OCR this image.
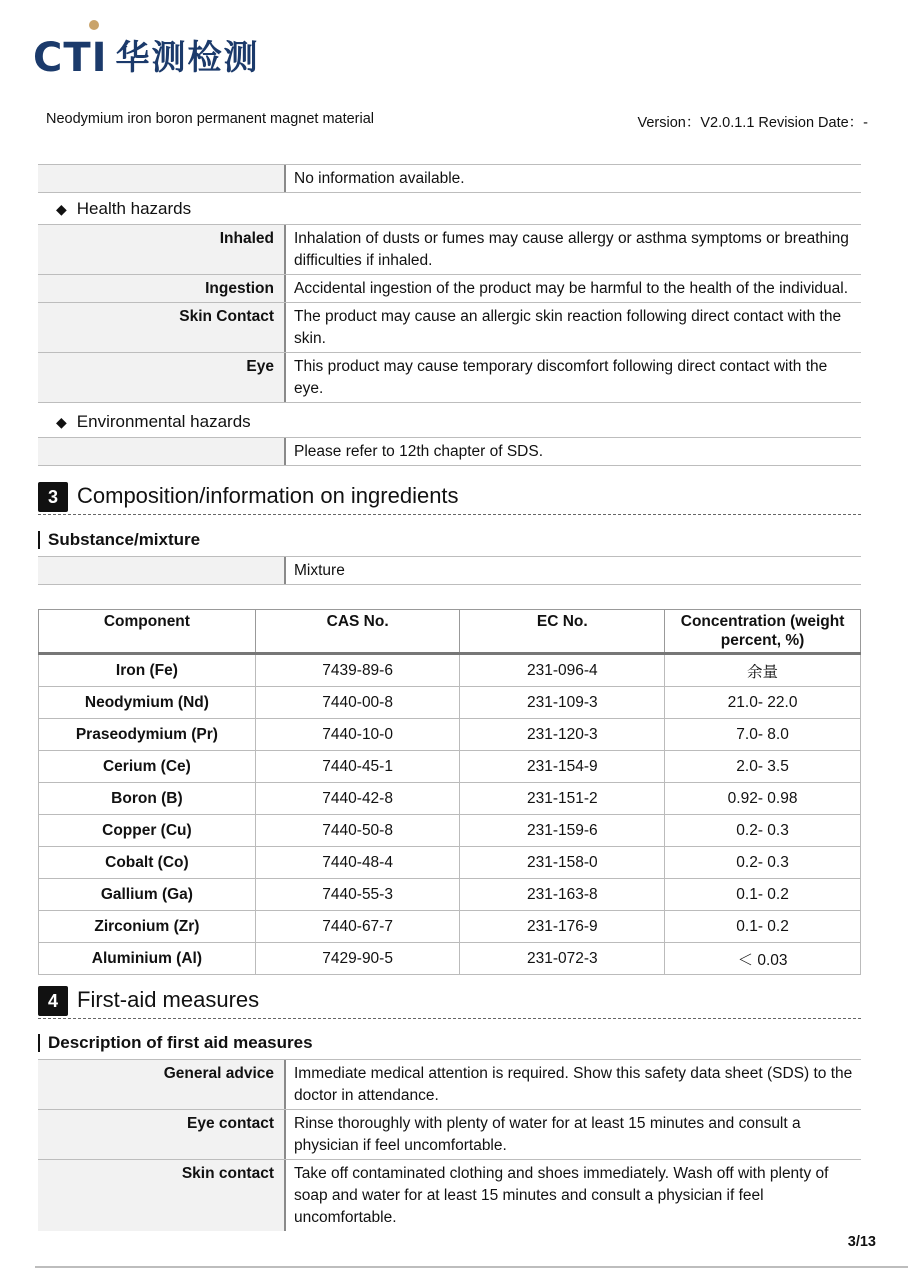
CTI 华测检测
Neodymium iron boron permanent magnet material	Version：V2.0.1.1 Revision Date：-
No information available.
◆ Health hazards
Inhaled	Inhalation of dusts or fumes may cause allergy or asthma symptoms or breathing difficulties if inhaled.
Ingestion	Accidental ingestion of the product may be harmful to the health of the individual.
Skin Contact	The product may cause an allergic skin reaction following direct contact with the skin.
Eye	This product may cause temporary discomfort following direct contact with the eye.
◆ Environmental hazards
Please refer to 12th chapter of SDS.
3 Composition/information on ingredients
Substance/mixture
Mixture
Component	CAS No.	EC No.	Concentration (weight percent, %)
Iron (Fe)	7439-89-6	231-096-4	余量
Neodymium (Nd)	7440-00-8	231-109-3	21.0- 22.0
Praseodymium (Pr)	7440-10-0	231-120-3	7.0- 8.0
Cerium (Ce)	7440-45-1	231-154-9	2.0- 3.5
Boron (B)	7440-42-8	231-151-2	0.92- 0.98
Copper (Cu)	7440-50-8	231-159-6	0.2- 0.3
Cobalt (Co)	7440-48-4	231-158-0	0.2- 0.3
Gallium (Ga)	7440-55-3	231-163-8	0.1- 0.2
Zirconium (Zr)	7440-67-7	231-176-9	0.1- 0.2
Aluminium (Al)	7429-90-5	231-072-3	＜ 0.03
4 First-aid measures
Description of first aid measures
General advice	Immediate medical attention is required. Show this safety data sheet (SDS) to the doctor in attendance.
Eye contact	Rinse thoroughly with plenty of water for at least 15 minutes and consult a physician if feel uncomfortable.
Skin contact	Take off contaminated clothing and shoes immediately. Wash off with plenty of soap and water for at least 15 minutes and consult a physician if feel uncomfortable.
3/13
